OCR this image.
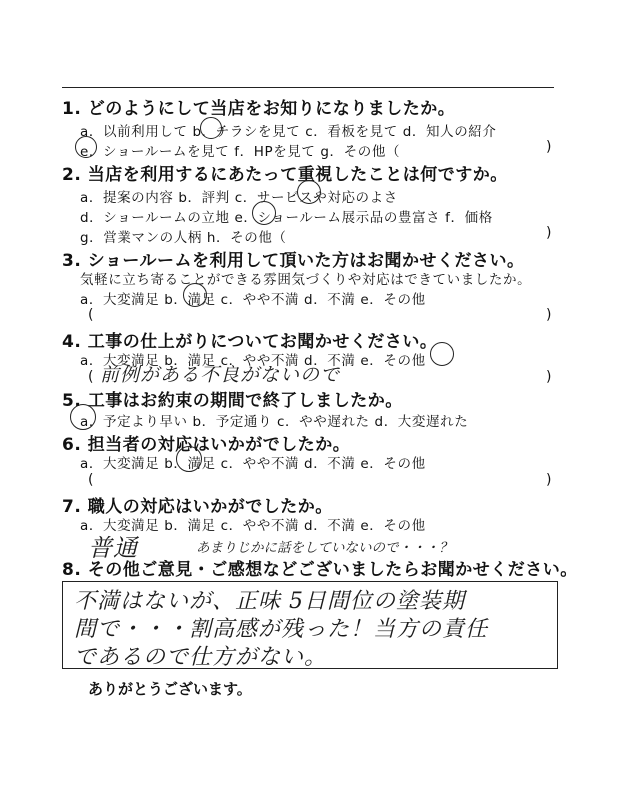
1. どのようにして当店をお知りになりましたか。
a．以前利用して b．チラシを見て c．看板を見て d．知人の紹介
e．ショールームを見て f．HPを見て g．その他（	)
2. 当店を利用するにあたって重視したことは何ですか。
a．提案の内容 b．評判 c．サービスや対応のよさ
d．ショールームの立地 e．ショールーム展示品の豊富さ f．価格
g．営業マンの人柄 h．その他（	)
3. ショールームを利用して頂いた方はお聞かせください。
気軽に立ち寄ることができる雰囲気づくりや対応はできていましたか。
a．大変満足 b．満足 c．やや不満 d．不満 e．その他
(	)
4. 工事の仕上がりについてお聞かせください。
a．大変満足 b．満足 c．やや不満 d．不満 e．その他
(	)
前例がある不良がないので
5. 工事はお約束の期間で終了しましたか。
a．予定より早い b．予定通り c．やや遅れた d．大変遅れた
6. 担当者の対応はいかがでしたか。
a．大変満足 b．満足 c．やや不満 d．不満 e．その他
(	)
7. 職人の対応はいかがでしたか。
a．大変満足 b．満足 c．やや不満 d．不満 e．その他
普通	あまりじかに話をしていないので・・・？
8. その他ご意見・ご感想などございましたらお聞かせください。
不満はないが、正味 5日間位の塗装期
間で・・・割高感が残った！当方の責任
であるので仕方がない。
ありがとうございます。
